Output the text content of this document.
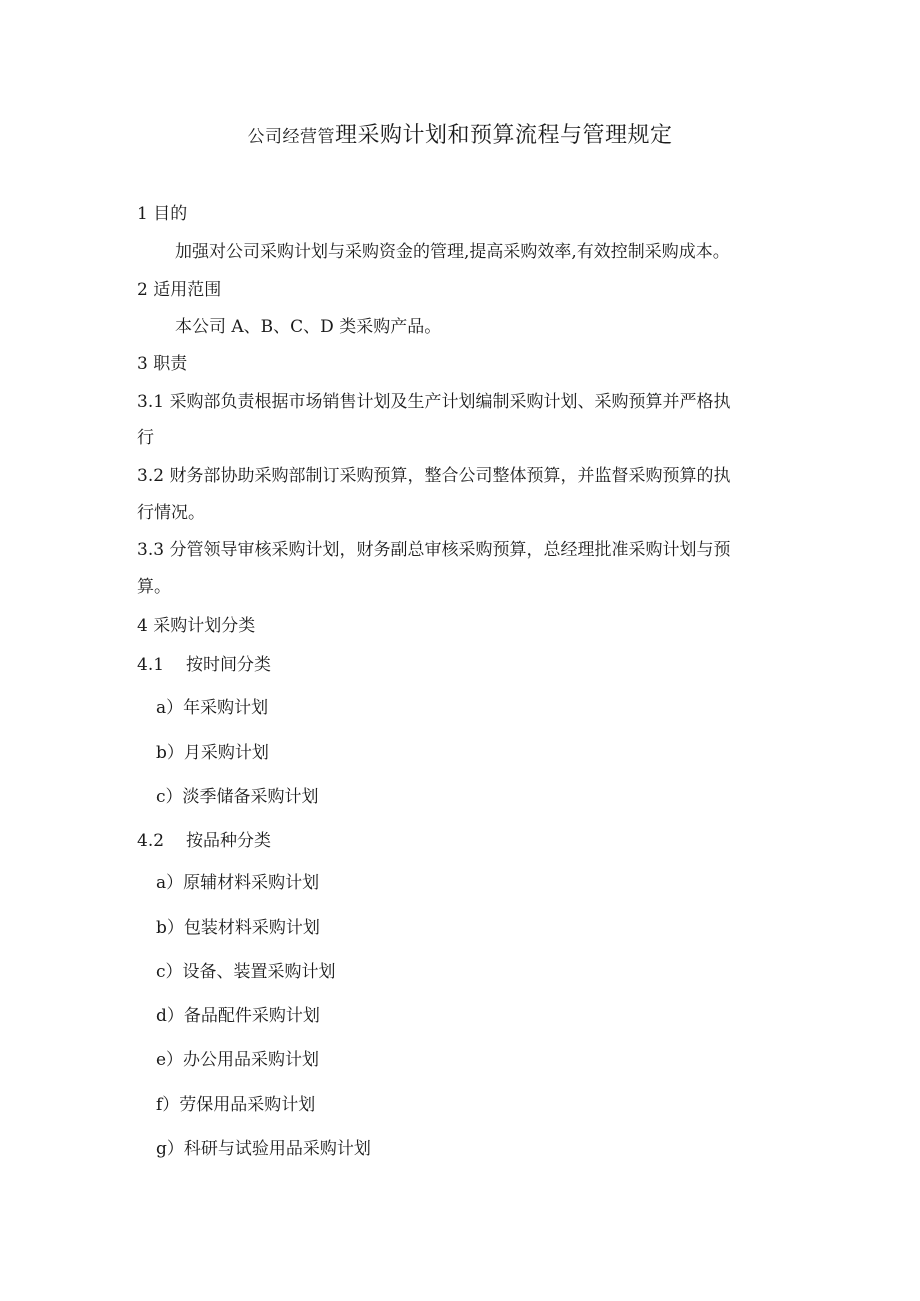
公司经营管理采购计划和预算流程与管理规定
1 目的
加强对公司采购计划与采购资金的管理,提高采购效率,有效控制采购成本。
2 适用范围
本公司 A、B、C、D 类采购产品。
3 职责
3.1 采购部负责根据市场销售计划及生产计划编制采购计划、采购预算并严格执
行
3.2 财务部协助采购部制订采购预算，整合公司整体预算，并监督采购预算的执
行情况。
3.3 分管领导审核采购计划，财务副总审核采购预算，总经理批准采购计划与预
算。
4 采购计划分类
4.1 按时间分类
a）年采购计划
b）月采购计划
c）淡季储备采购计划
4.2 按品种分类
a）原辅材料采购计划
b）包装材料采购计划
c）设备、装置采购计划
d）备品配件采购计划
e）办公用品采购计划
f）劳保用品采购计划
g）科研与试验用品采购计划
